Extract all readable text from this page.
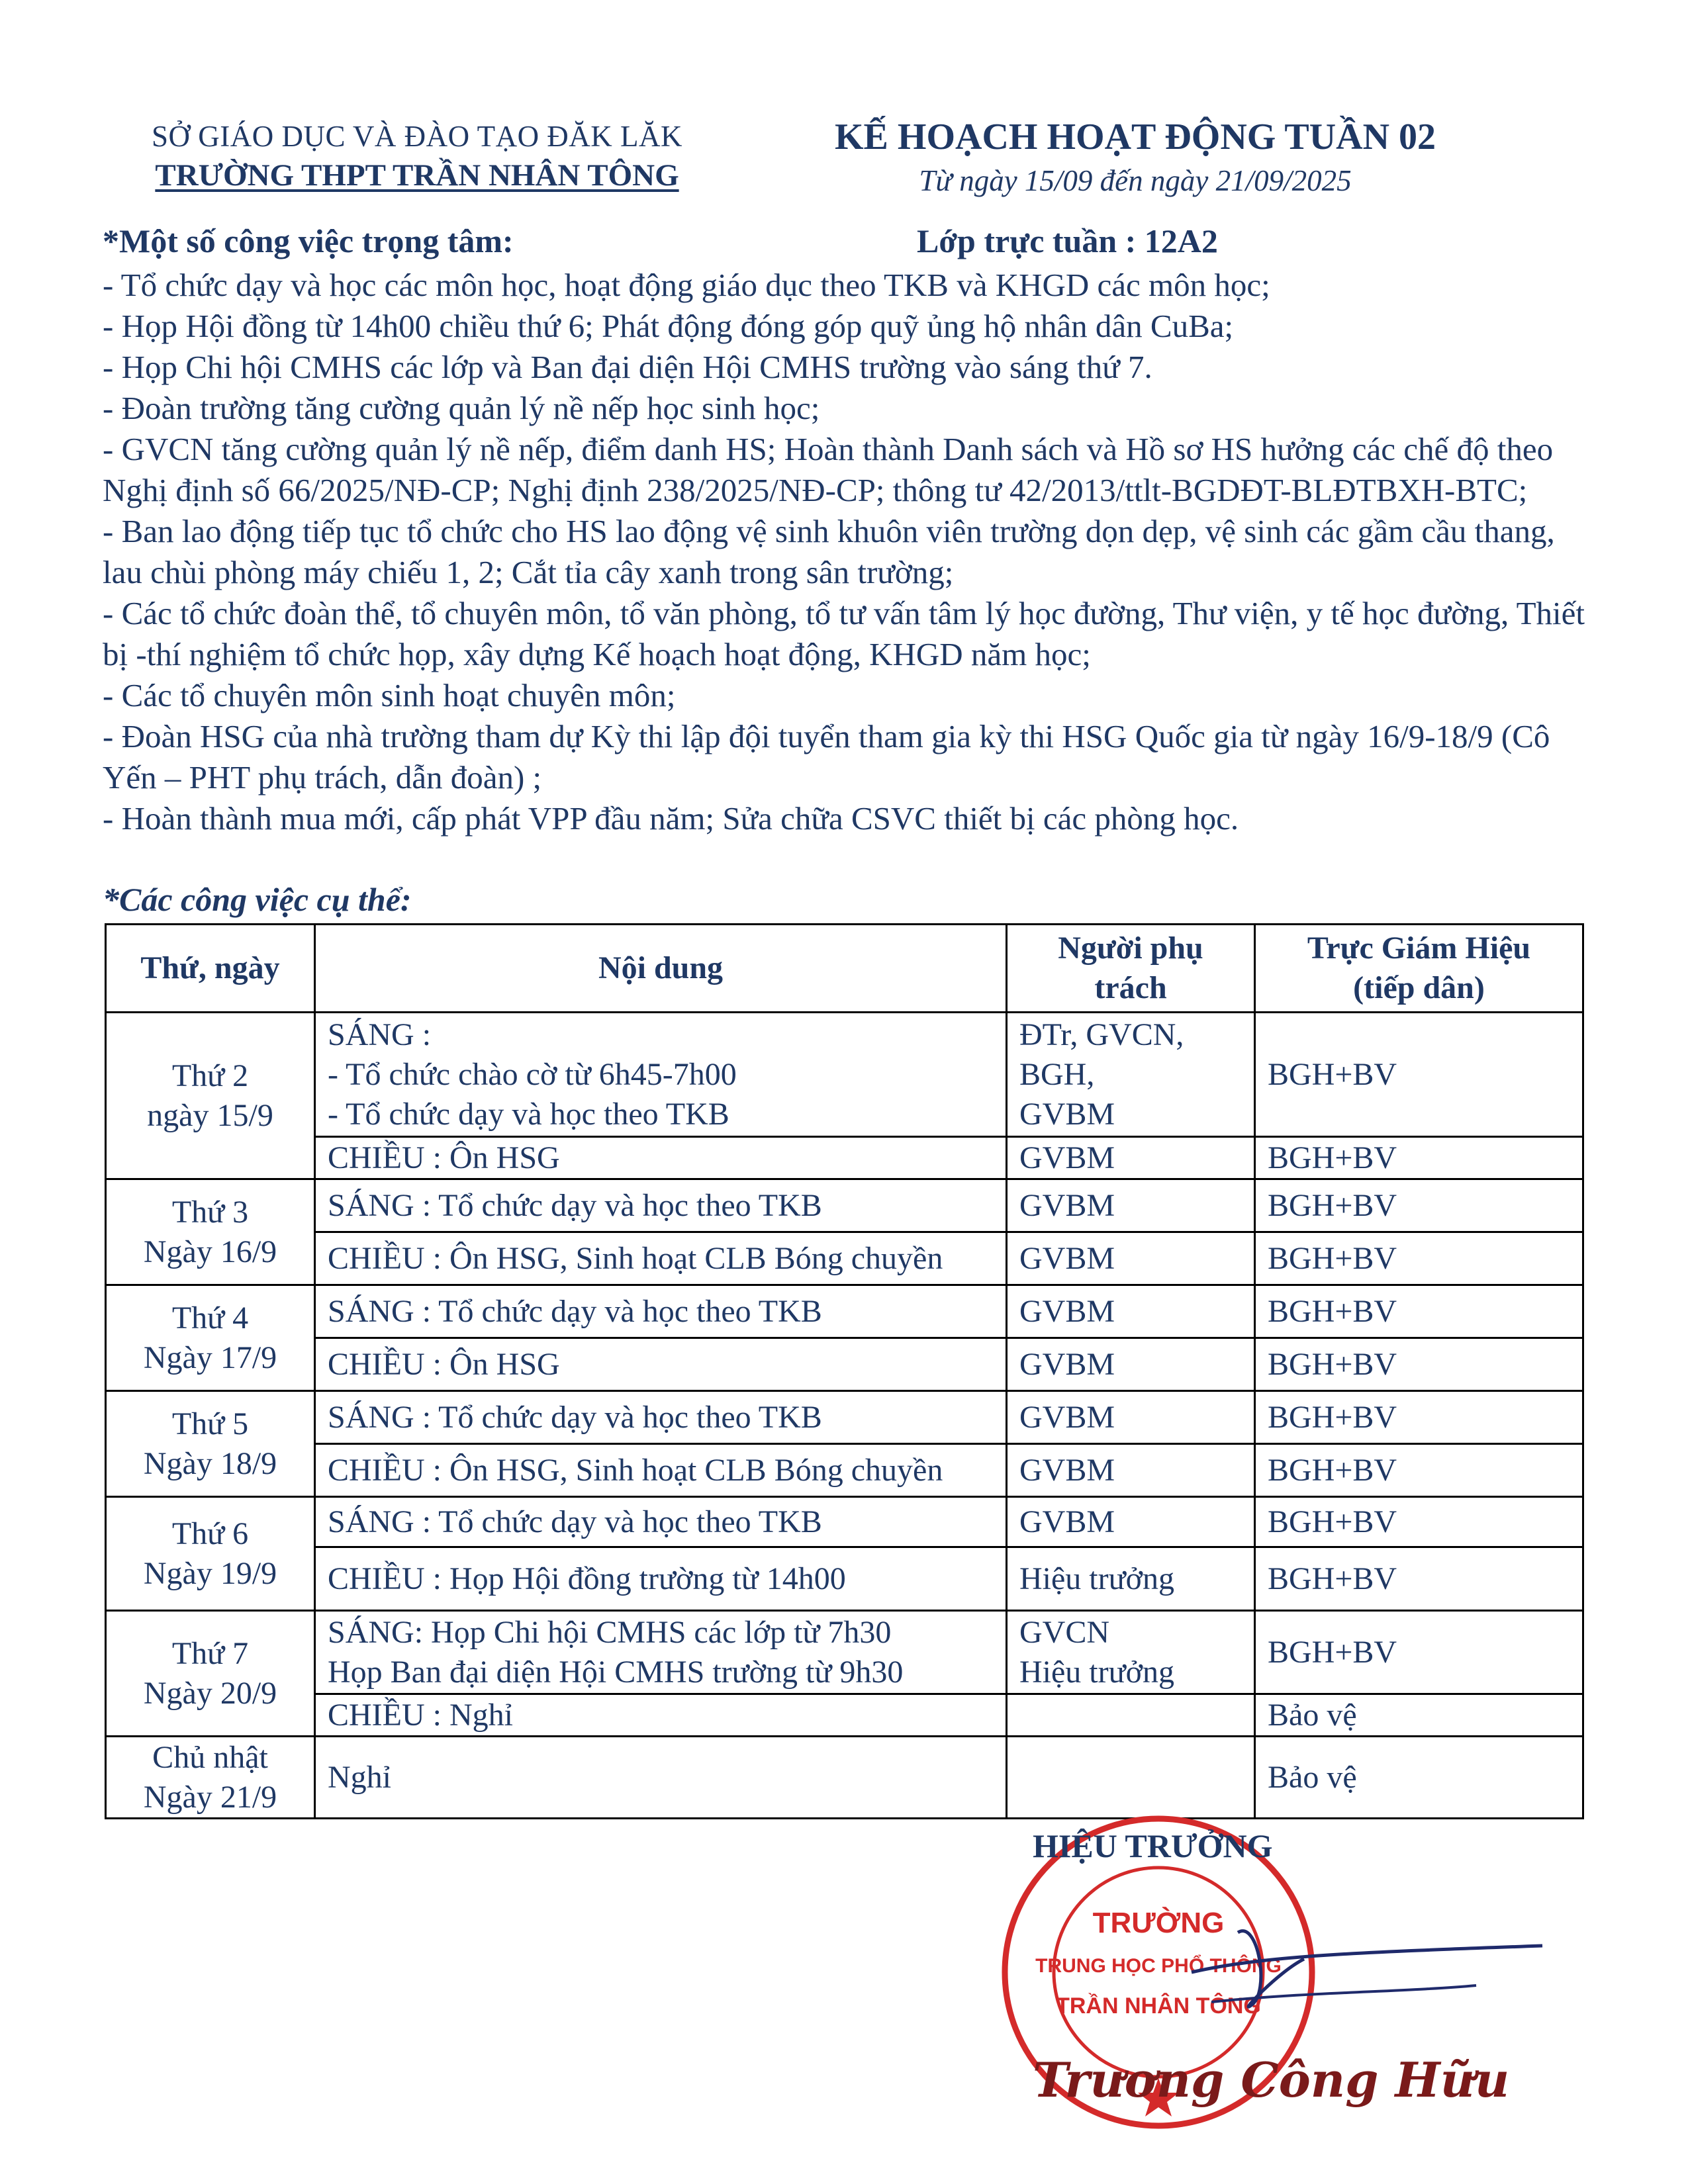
SỞ GIÁO DỤC VÀ ĐÀO TẠO ĐĂK LĂK
TRƯỜNG THPT TRẦN NHÂN TÔNG
KẾ HOẠCH HOẠT ĐỘNG TUẦN 02
Từ ngày 15/09 đến ngày 21/09/2025
*Một số công việc trọng tâm:	Lớp trực tuần : 12A2

- Tổ chức dạy và học các môn học, hoạt động giáo dục theo TKB và KHGD các môn học;

- Họp Hội đồng từ 14h00 chiều thứ 6; Phát động đóng góp quỹ ủng hộ nhân dân CuBa;

- Họp Chi hội CMHS các lớp và Ban đại diện Hội CMHS trường vào sáng thứ 7.

- Đoàn trường tăng cường quản lý nề nếp học sinh học;

- GVCN tăng cường quản lý nề nếp, điểm danh HS; Hoàn thành Danh sách và Hồ sơ HS hưởng các chế độ theo Nghị định số 66/2025/NĐ-CP; Nghị định 238/2025/NĐ-CP; thông tư 42/2013/ttlt-BGDĐT-BLĐTBXH-BTC;

- Ban lao động tiếp tục tổ chức cho HS lao động vệ sinh khuôn viên trường dọn dẹp, vệ sinh các gầm cầu thang, lau chùi phòng máy chiếu 1, 2; Cắt tỉa cây xanh trong sân trường;

- Các tổ chức đoàn thể, tổ chuyên môn, tổ văn phòng, tổ tư vấn tâm lý học đường, Thư viện, y tế học đường, Thiết bị -thí nghiệm tổ chức họp, xây dựng Kế hoạch hoạt động, KHGD năm học;

- Các tổ chuyên môn sinh hoạt chuyên môn;

- Đoàn HSG của nhà trường tham dự Kỳ thi lập đội tuyển tham gia kỳ thi HSG Quốc gia từ ngày 16/9-18/9 (Cô Yến – PHT phụ trách, dẫn đoàn) ;

- Hoàn thành mua mới, cấp phát VPP đầu năm; Sửa chữa CSVC thiết bị các phòng học.

*Các công việc cụ thể:
Thứ, ngày	Nội dung	Người phụ
trách	Trực Giám Hiệu
(tiếp dân)
Thứ 2
ngày 15/9	SÁNG :
- Tổ chức chào cờ từ 6h45-7h00
- Tổ chức dạy và học theo TKB	ĐTr, GVCN,
BGH,
GVBM	BGH+BV
	CHIỀU : Ôn HSG	GVBM	BGH+BV
Thứ 3
Ngày 16/9	SÁNG : Tổ chức dạy và học theo TKB	GVBM	BGH+BV
	CHIỀU : Ôn HSG, Sinh hoạt CLB Bóng chuyền	GVBM	BGH+BV
Thứ 4
Ngày 17/9	SÁNG : Tổ chức dạy và học theo TKB	GVBM	BGH+BV
	CHIỀU : Ôn HSG	GVBM	BGH+BV
Thứ 5
Ngày 18/9	SÁNG : Tổ chức dạy và học theo TKB	GVBM	BGH+BV
	CHIỀU : Ôn HSG, Sinh hoạt CLB Bóng chuyền	GVBM	BGH+BV
Thứ 6
Ngày 19/9	SÁNG : Tổ chức dạy và học theo TKB	GVBM	BGH+BV
	CHIỀU : Họp Hội đồng trường từ 14h00	Hiệu trưởng	BGH+BV
Thứ 7
Ngày 20/9	SÁNG: Họp Chi hội CMHS các lớp từ 7h30
Họp Ban đại diện Hội CMHS trường từ 9h30	GVCN
Hiệu trưởng	BGH+BV
	CHIỀU : Nghỉ		Bảo vệ
Chủ nhật
Ngày 21/9	Nghỉ		Bảo vệ
TRƯỜNG
TRUNG HỌC PHỔ THÔNG
TRẦN NHÂN TÔNG
HIỆU TRƯỞNG
Trương Công Hữu
